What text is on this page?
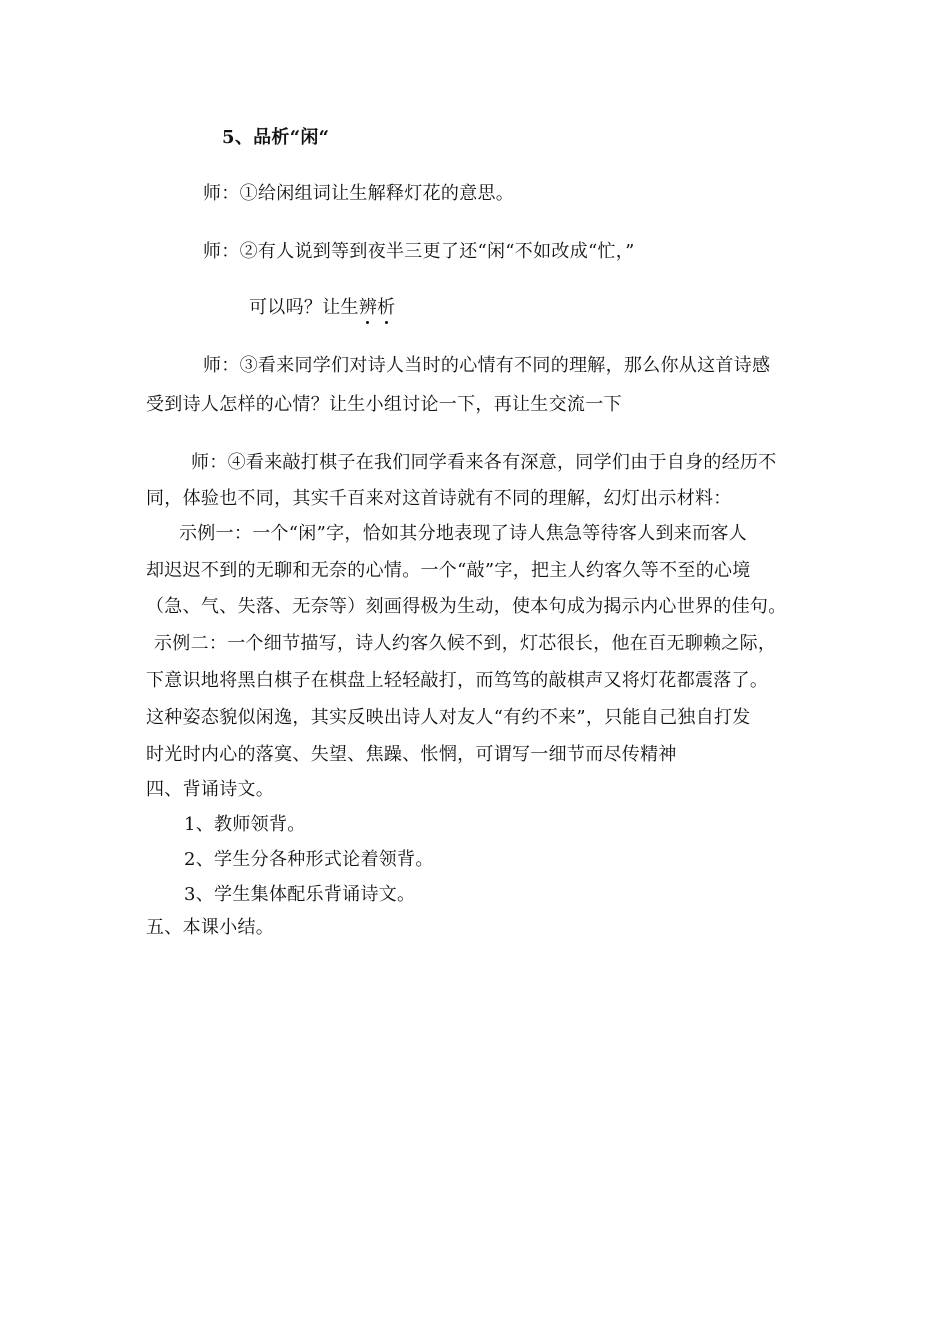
5、品析“闲“
师：①给闲组词让生解释灯花的意思。
师：②有人说到等到夜半三更了还“闲“不如改成“忙，”
可以吗？让生辨
析
师：③看来同学们对诗人当时的心情有不同的理解，那么你从这首诗感
受到诗人怎样的心情？让生小组讨论一下，再让生交流一下
师：④看来敲打棋子在我们同学看来各有深意，同学们由于自身的经历不
同，体验也不同，其实千百来对这首诗就有不同的理解，幻灯出示材料：
示例一：一个“闲”字，恰如其分地表现了诗人焦急等待客人到来而客人
却迟迟不到的无聊和无奈的心情。一个“敲”字，把主人约客久等不至的心境
（急、气、失落、无奈等）刻画得极为生动，使本句成为揭示内心世界的佳句。
示例二：一个细节描写，诗人约客久候不到，灯芯很长，他在百无聊赖之际，
下意识地将黑白棋子在棋盘上轻轻敲打，而笃笃的敲棋声又将灯花都震落了。
这种姿态貌似闲逸，其实反映出诗人对友人“有约不来”，只能自己独自打发
时光时内心的落寞、失望、焦躁、怅惘，可谓写一细节而尽传精神
四、背诵诗文。
1、教师领背。
2、学生分各种形式论着领背。
3、学生集体配乐背诵诗文。
五、本课小结。
